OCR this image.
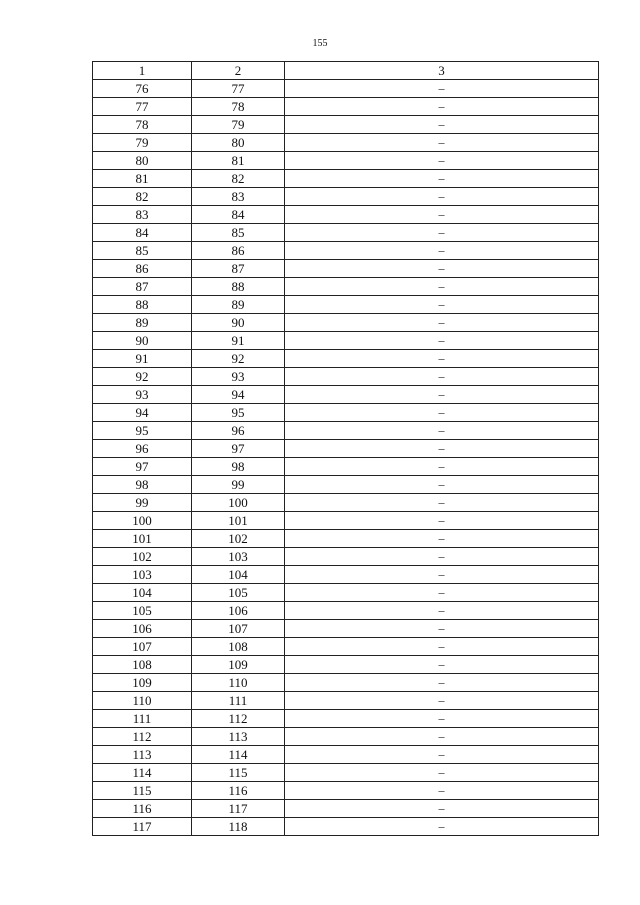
155
1	2	3
76	77	–
77	78	–
78	79	–
79	80	–
80	81	–
81	82	–
82	83	–
83	84	–
84	85	–
85	86	–
86	87	–
87	88	–
88	89	–
89	90	–
90	91	–
91	92	–
92	93	–
93	94	–
94	95	–
95	96	–
96	97	–
97	98	–
98	99	–
99	100	–
100	101	–
101	102	–
102	103	–
103	104	–
104	105	–
105	106	–
106	107	–
107	108	–
108	109	–
109	110	–
110	111	–
111	112	–
112	113	–
113	114	–
114	115	–
115	116	–
116	117	–
117	118	–
